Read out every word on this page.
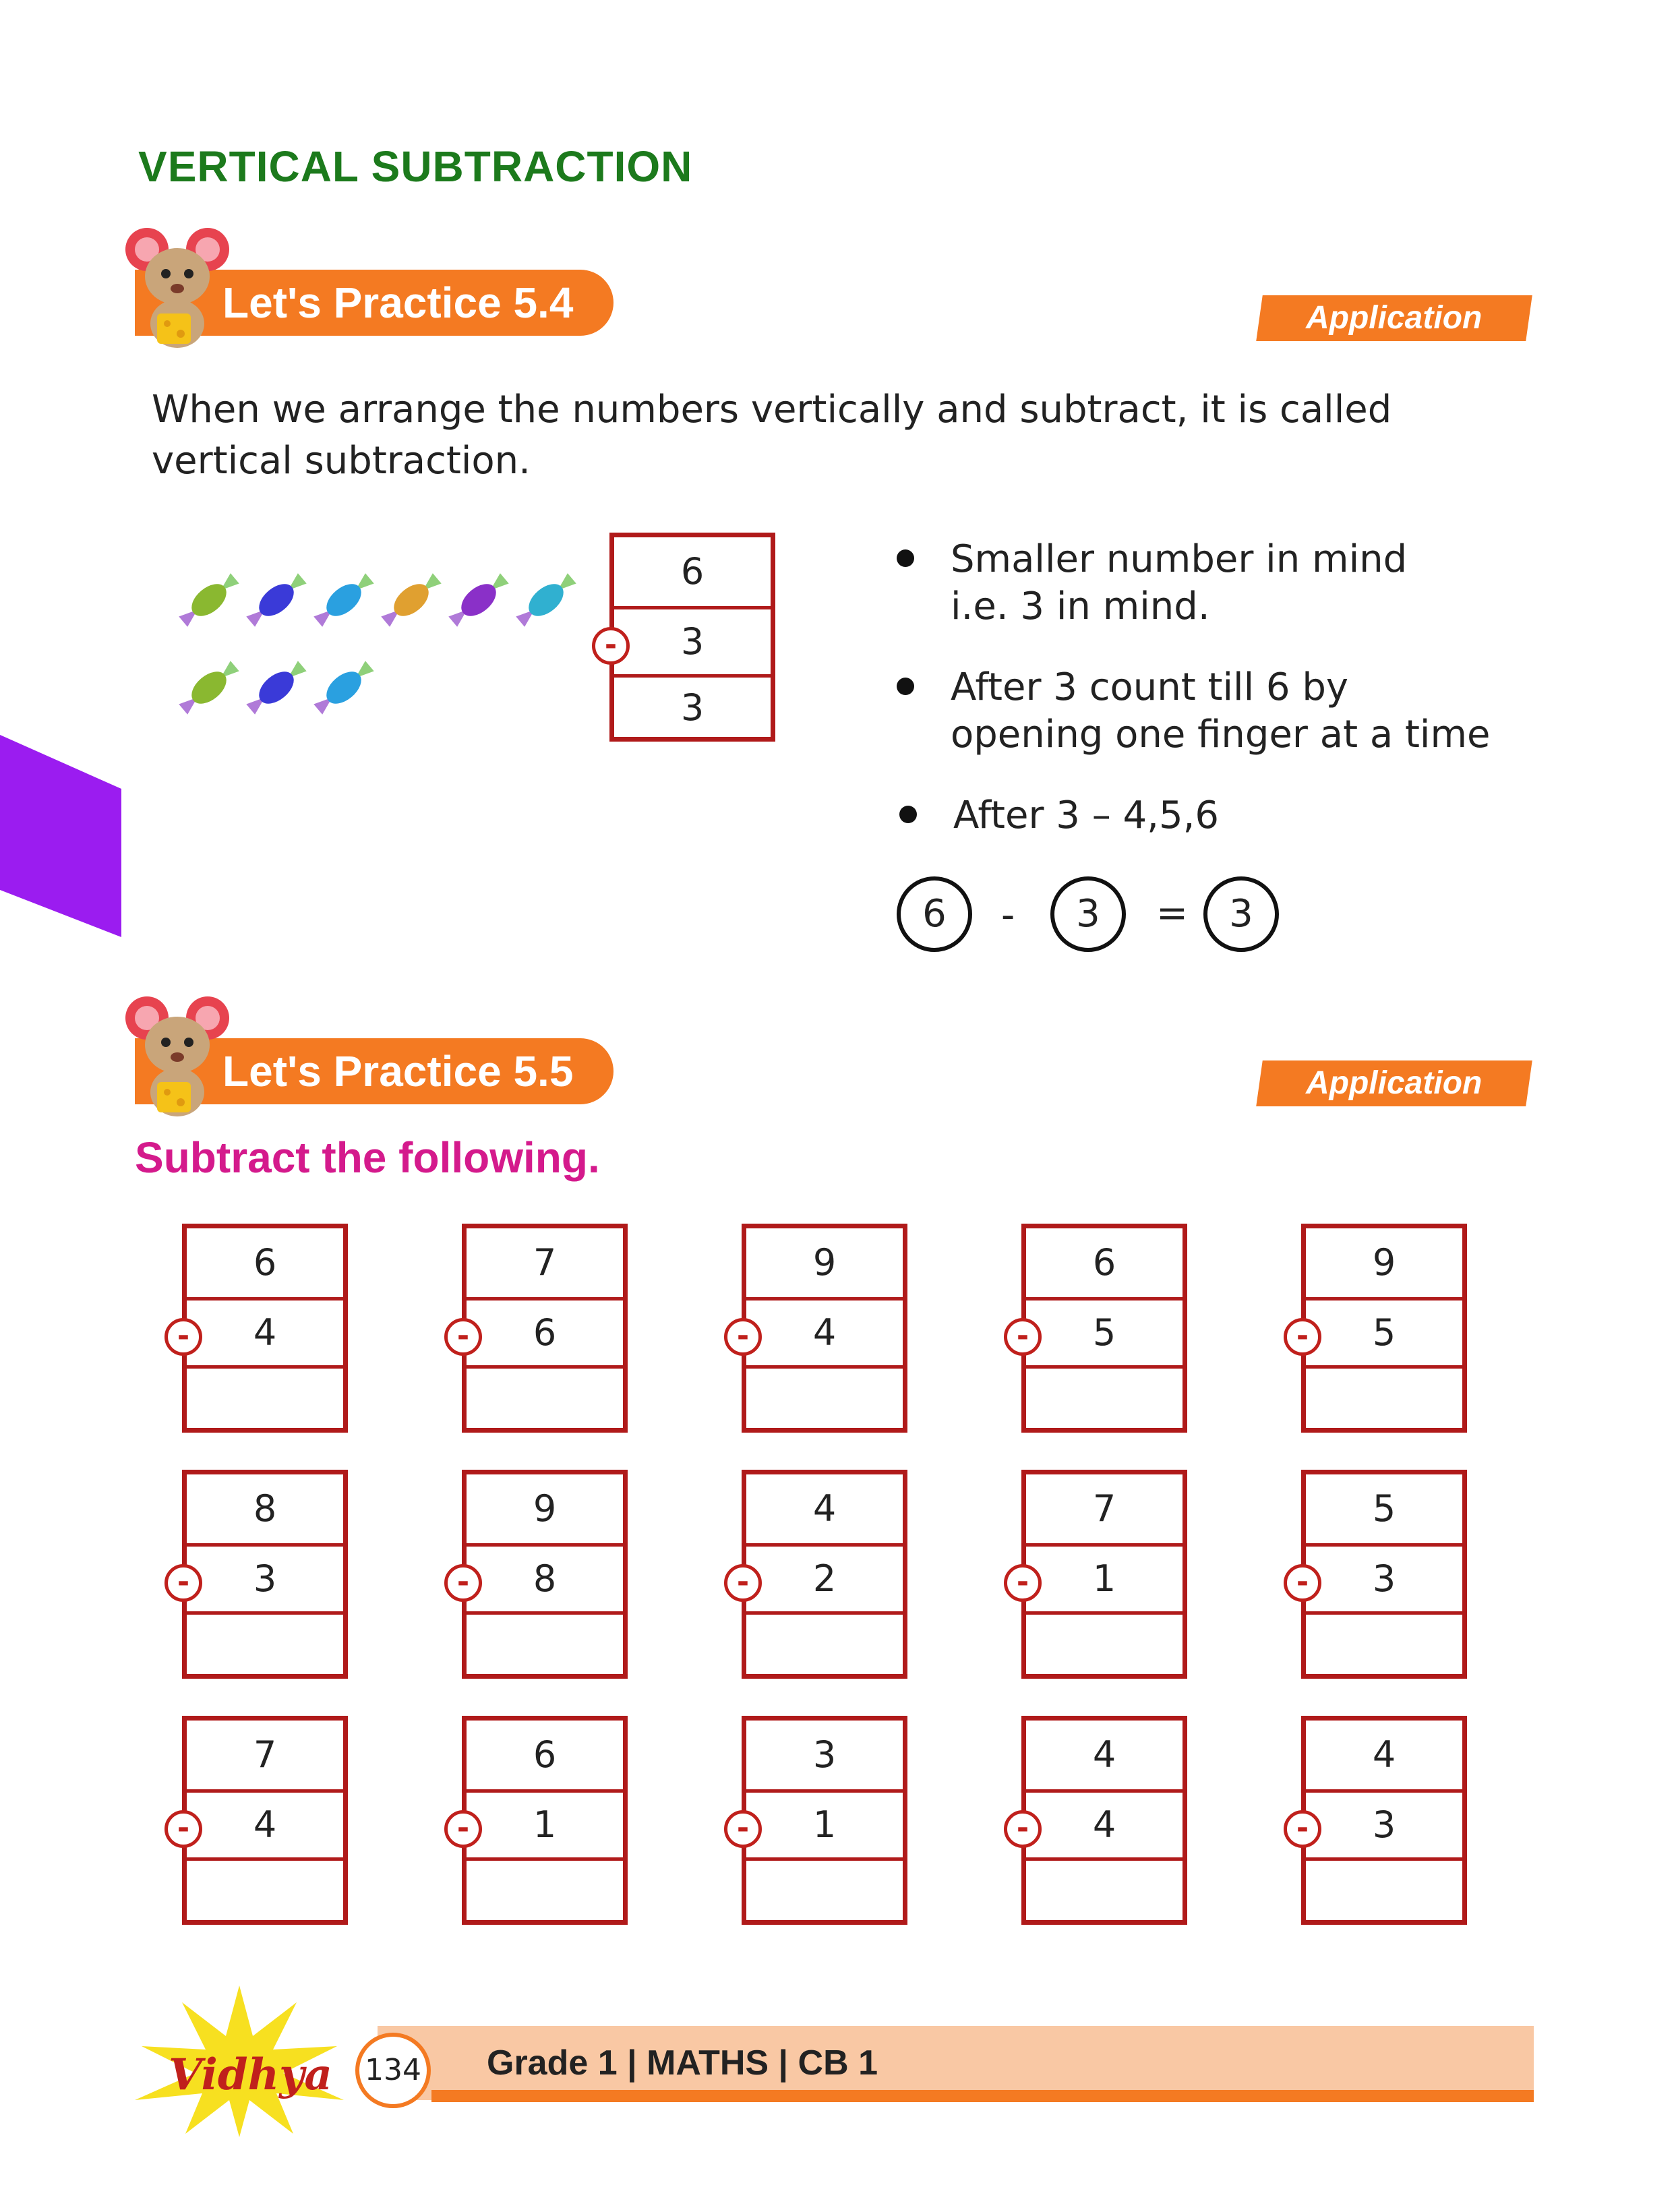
VERTICAL SUBTRACTION
Let's Practice 5.4	Application
When we arrange the numbers vertically and subtract, it is called vertical subtraction.
6
3
3
-
Smaller number in mind
i.e. 3 in mind.
After 3 count till 6 by
opening one finger at a time
After 3 – 4,5,6
6	-	3	=	3
Let's Practice 5.5	Application
Subtract the following.
6
4
-
7
6
-
9
4
-
6
5
-
9
5
-
8
3
-
9
8
-
4
2
-
7
1
-
5
3
-
7
4
-
6
1
-
3
1
-
4
4
-
4
3
-
Vidhya	134 Grade 1 | MATHS | CB 1
